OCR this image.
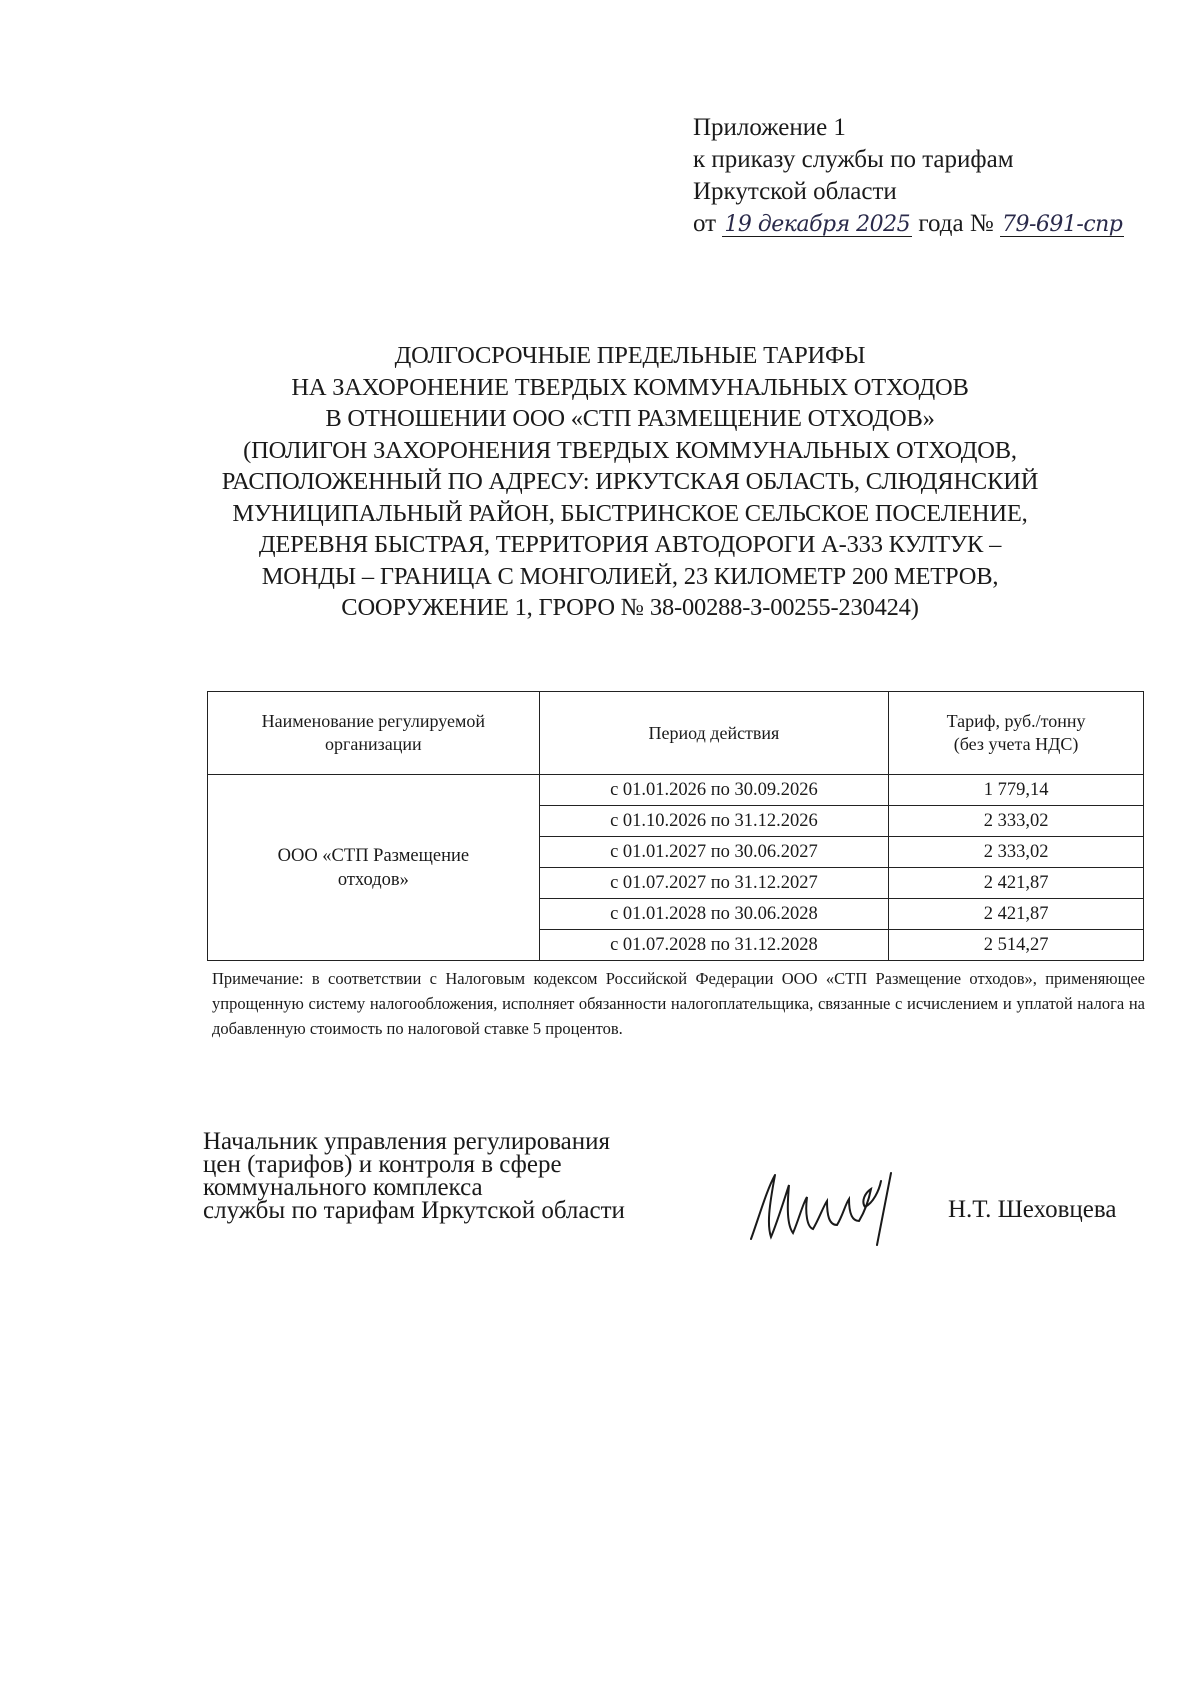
Приложение 1
к приказу службы по тарифам
Иркутской области
от 19 декабря 2025 года № 79-691-спр
ДОЛГОСРОЧНЫЕ ПРЕДЕЛЬНЫЕ ТАРИФЫ
НА ЗАХОРОНЕНИЕ ТВЕРДЫХ КОММУНАЛЬНЫХ ОТХОДОВ
В ОТНОШЕНИИ ООО «СТП РАЗМЕЩЕНИЕ ОТХОДОВ»
(ПОЛИГОН ЗАХОРОНЕНИЯ ТВЕРДЫХ КОММУНАЛЬНЫХ ОТХОДОВ,
РАСПОЛОЖЕННЫЙ ПО АДРЕСУ: ИРКУТСКАЯ ОБЛАСТЬ, СЛЮДЯНСКИЙ
МУНИЦИПАЛЬНЫЙ РАЙОН, БЫСТРИНСКОЕ СЕЛЬСКОЕ ПОСЕЛЕНИЕ,
ДЕРЕВНЯ БЫСТРАЯ, ТЕРРИТОРИЯ АВТОДОРОГИ А-333 КУЛТУК –
МОНДЫ – ГРАНИЦА С МОНГОЛИЕЙ, 23 КИЛОМЕТР 200 МЕТРОВ,
СООРУЖЕНИЕ 1, ГРОРО № 38-00288-З-00255-230424)
Наименование регулируемой
организации	Период действия	Тариф, руб./тонну
(без учета НДС)
ООО «СТП Размещение
отходов»	с 01.01.2026 по 30.09.2026	1 779,14
	с 01.10.2026 по 31.12.2026	2 333,02
	с 01.01.2027 по 30.06.2027	2 333,02
	с 01.07.2027 по 31.12.2027	2 421,87
	с 01.01.2028 по 30.06.2028	2 421,87
	с 01.07.2028 по 31.12.2028	2 514,27
Примечание: в соответствии с Налоговым кодексом Российской Федерации ООО «СТП Размещение отходов», применяющее упрощенную систему налогообложения, исполняет обязанности налогоплательщика, связанные с исчислением и уплатой налога на добавленную стоимость по налоговой ставке 5 процентов.
Начальник управления регулирования
цен (тарифов) и контроля в сфере
коммунального комплекса
службы по тарифам Иркутской области	Н.Т. Шеховцева
